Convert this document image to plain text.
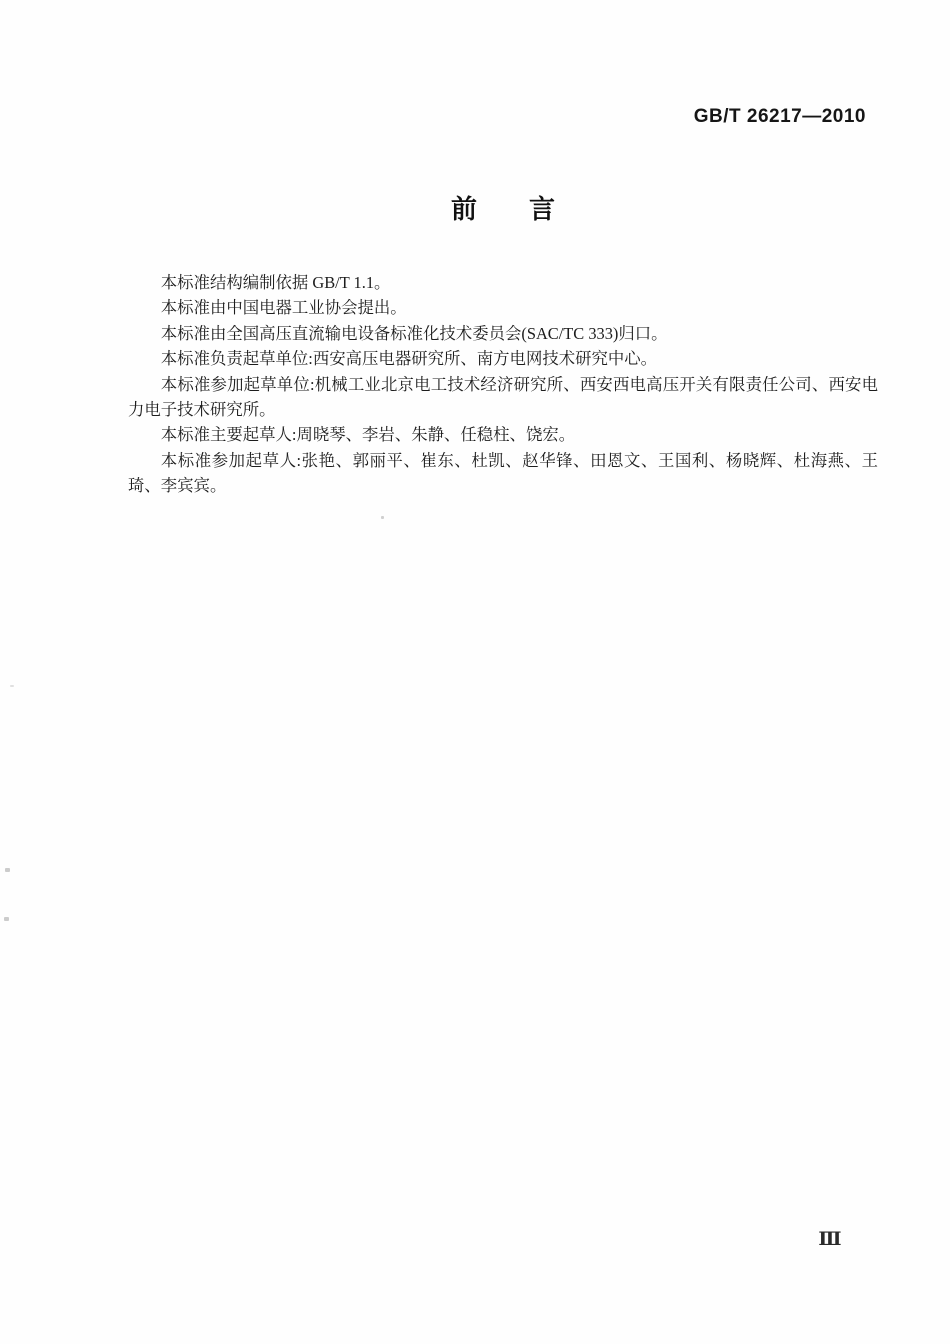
GB/T 26217—2010
前　　言

本标准结构编制依据 GB/T 1.1。

本标准由中国电器工业协会提出。

本标准由全国高压直流输电设备标准化技术委员会(SAC/TC 333)归口。

本标准负责起草单位:西安高压电器研究所、南方电网技术研究中心。

本标准参加起草单位:机械工业北京电工技术经济研究所、西安西电高压开关有限责任公司、西安电力电子技术研究所。

本标准主要起草人:周晓琴、李岩、朱静、任稳柱、饶宏。

本标准参加起草人:张艳、郭丽平、崔东、杜凯、赵华锋、田恩文、王国利、杨晓辉、杜海燕、王琦、李宾宾。

Ⅲ
